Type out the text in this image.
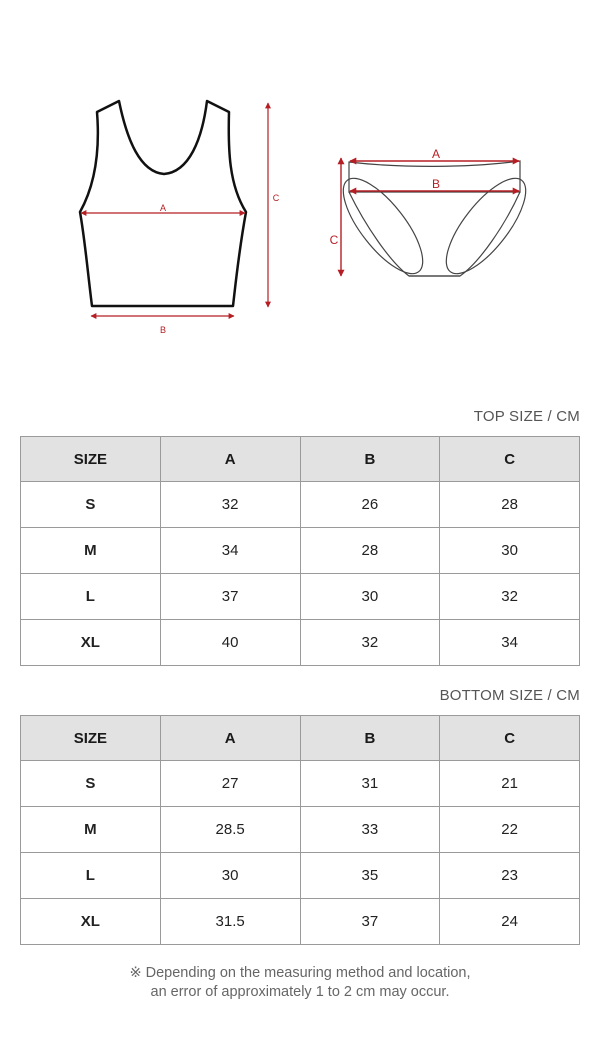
A
B
C
A
B
C
TOP SIZE / CM
SIZE	A	B	C
S	32	26	28
M	34	28	30
L	37	30	32
XL	40	32	34
BOTTOM SIZE / CM
SIZE	A	B	C
S	27	31	21
M	28.5	33	22
L	30	35	23
XL	31.5	37	24
※ Depending on the measuring method and location,
an error of approximately 1 to 2 cm may occur.
